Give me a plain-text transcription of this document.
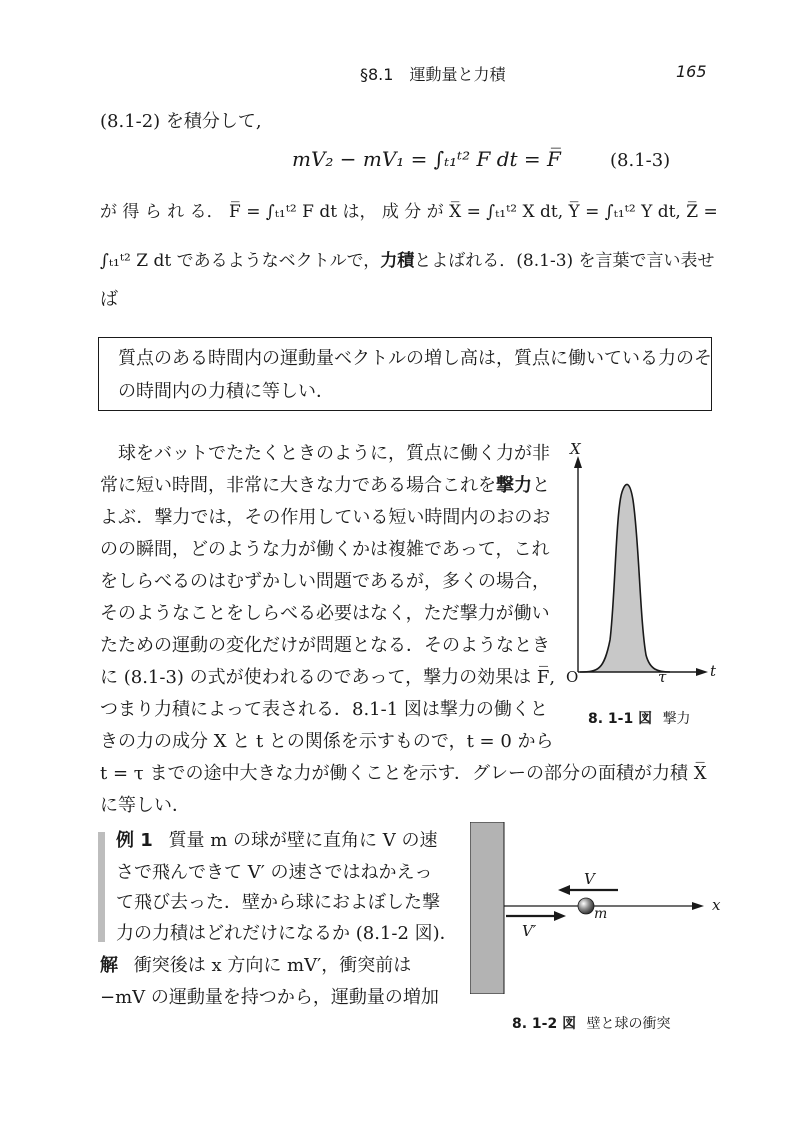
§8.1　運動量と力積	165
(8.1-2) を積分して,
mV₂ − mV₁ = ∫ₜ₁ᵗ² F dt = F̅	(8.1-3)
が 得 ら れ る． F̅ = ∫ₜ₁ᵗ² F dt は， 成 分 が X̅ = ∫ₜ₁ᵗ² X dt, Y̅ = ∫ₜ₁ᵗ² Y dt, Z̅ =
∫ₜ₁ᵗ² Z dt であるようなベクトルで，力積とよばれる．(8.1-3) を言葉で言い表せ
ば
質点のある時間内の運動量ベクトルの増し高は，質点に働いている力のそ
の時間内の力積に等しい．
　球をバットでたたくときのように，質点に働く力が非
常に短い時間，非常に大きな力である場合これを撃力と
よぶ．撃力では，その作用している短い時間内のおのお
のの瞬間，どのような力が働くかは複雑であって，これ
をしらべるのはむずかしい問題であるが，多くの場合，
そのようなことをしらべる必要はなく，ただ撃力が働い
たための運動の変化だけが問題となる．そのようなとき
に (8.1-3) の式が使われるのであって，撃力の効果は F̅,
つまり力積によって表される．8.1-1 図は撃力の働くと
きの力の成分 X と t との関係を示すもので，t = 0 から
t = τ までの途中大きな力が働くことを示す．グレーの部分の面積が力積 X̅
に等しい．
X
t
O	τ
8. 1-1 図 撃力
例 1 質量 m の球が壁に直角に V の速
さで飛んできて V′ の速さではねかえっ
て飛び去った．壁から球におよぼした撃
力の力積はどれだけになるか (8.1-2 図)．
解 衝突後は x 方向に mV′，衝突前は
−mV の運動量を持つから，運動量の増加
V
V′
m	x
8. 1-2 図 壁と球の衝突
